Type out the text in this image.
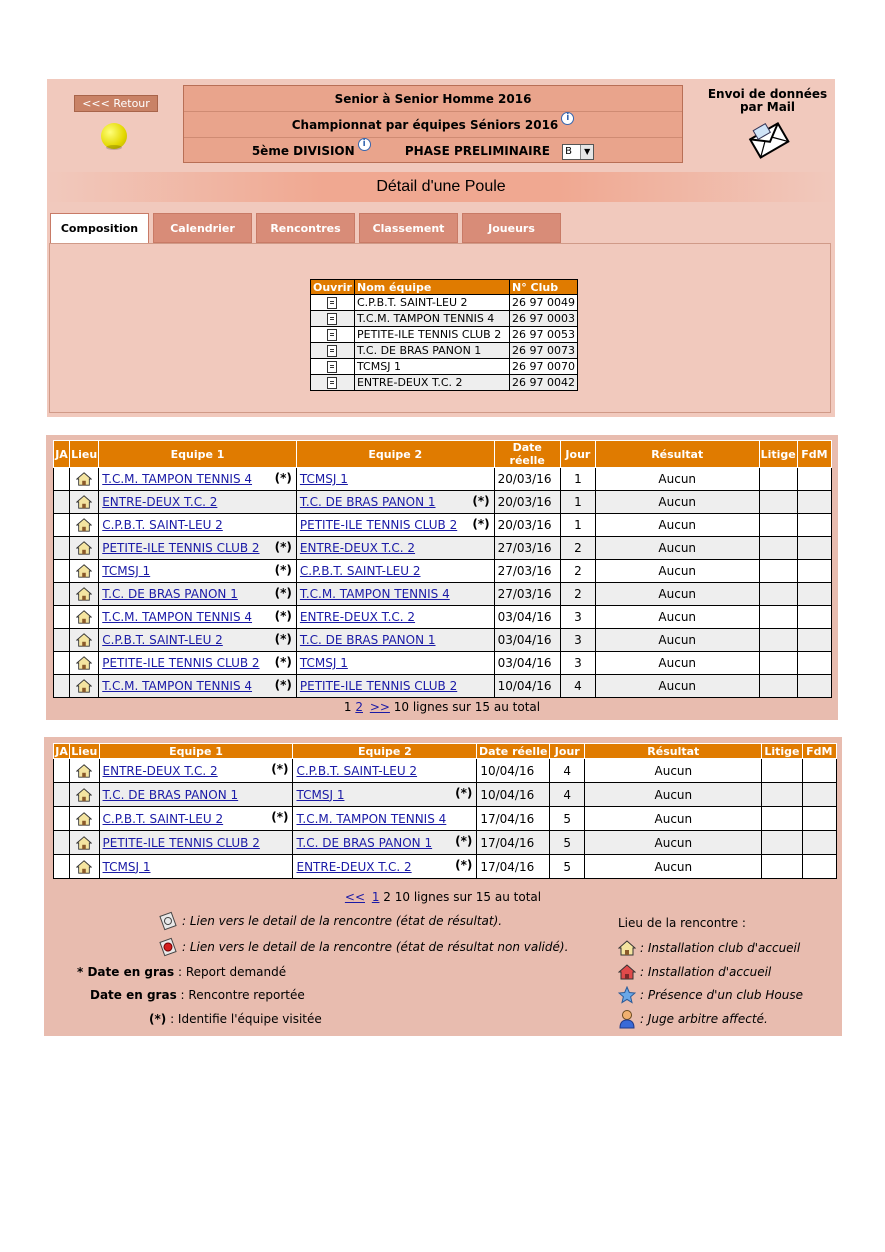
<<< Retour	Senior à Senior Homme 2016
Championnat par équipes Séniors 2016 i
5ème DIVISION i	PHASE PRELIMINAIRE B	▼
Envoi de données
par Mail
Détail d'une Poule
Composition	Calendrier	Rencontres	Classement	Joueurs
Ouvrir	Nom équipe	N° Club
	C.P.B.T. SAINT-LEU 2	26 97 0049
	T.C.M. TAMPON TENNIS 4	26 97 0003
	PETITE-ILE TENNIS CLUB 2	26 97 0053
	T.C. DE BRAS PANON 1	26 97 0073
	TCMSJ 1	26 97 0070
	ENTRE-DEUX T.C. 2	26 97 0042
JA	Lieu	Equipe 1	Equipe 2	Date réelle	Jour	Résultat	Litige	FdM
		T.C.M. TAMPON TENNIS 4 (*)	TCMSJ 1	20/03/16	1	Aucun		
		ENTRE-DEUX T.C. 2	T.C. DE BRAS PANON 1 (*)	20/03/16	1	Aucun		
		C.P.B.T. SAINT-LEU 2	PETITE-ILE TENNIS CLUB 2 (*)	20/03/16	1	Aucun		
		PETITE-ILE TENNIS CLUB 2 (*)	ENTRE-DEUX T.C. 2	27/03/16	2	Aucun		
		TCMSJ 1 (*)	C.P.B.T. SAINT-LEU 2	27/03/16	2	Aucun		
		T.C. DE BRAS PANON 1 (*)	T.C.M. TAMPON TENNIS 4	27/03/16	2	Aucun		
		T.C.M. TAMPON TENNIS 4 (*)	ENTRE-DEUX T.C. 2	03/04/16	3	Aucun		
		C.P.B.T. SAINT-LEU 2 (*)	T.C. DE BRAS PANON 1	03/04/16	3	Aucun		
		PETITE-ILE TENNIS CLUB 2 (*)	TCMSJ 1	03/04/16	3	Aucun		
		T.C.M. TAMPON TENNIS 4 (*)	PETITE-ILE TENNIS CLUB 2	10/04/16	4	Aucun		
1 2 >> 10 lignes sur 15 au total
JA	Lieu	Equipe 1	Equipe 2	Date réelle	Jour	Résultat	Litige	FdM
		ENTRE-DEUX T.C. 2 (*)	C.P.B.T. SAINT-LEU 2	10/04/16	4	Aucun		
		T.C. DE BRAS PANON 1	TCMSJ 1 (*)	10/04/16	4	Aucun		
		C.P.B.T. SAINT-LEU 2 (*)	T.C.M. TAMPON TENNIS 4	17/04/16	5	Aucun		
		PETITE-ILE TENNIS CLUB 2	T.C. DE BRAS PANON 1 (*)	17/04/16	5	Aucun		
		TCMSJ 1	ENTRE-DEUX T.C. 2 (*)	17/04/16	5	Aucun		
<< 1 2 10 lignes sur 15 au total
: Lien vers le detail de la rencontre (état de résultat).
: Lien vers le detail de la rencontre (état de résultat non validé).
* Date en gras : Report demandé
Date en gras : Rencontre reportée
(*) : Identifie l'équipe visitée
Lieu de la rencontre :
: Installation club d'accueil
: Installation d'accueil
: Présence d'un club House
: Juge arbitre affecté.
